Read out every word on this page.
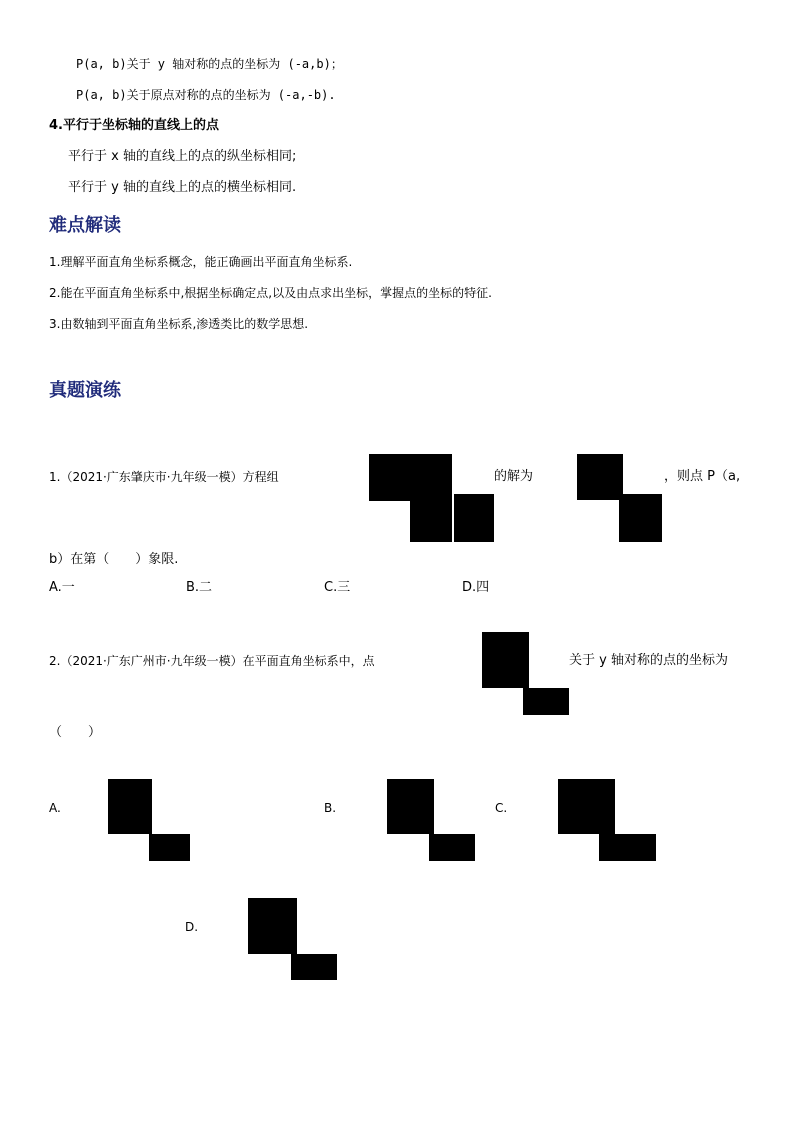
P(a, b)关于 y 轴对称的点的坐标为 (-a,b)；
P(a, b)关于原点对称的点的坐标为 (-a,-b).
4.平行于坐标轴的直线上的点
平行于 x 轴的直线上的点的纵坐标相同;
平行于 y 轴的直线上的点的横坐标相同.
难点解读
1.理解平面直角坐标系概念，能正确画出平面直角坐标系.
2.能在平面直角坐标系中,根据坐标确定点,以及由点求出坐标，掌握点的坐标的特征.
3.由数轴到平面直角坐标系,渗透类比的数学思想.
真题演练
1.（2021·广东肇庆市·九年级一模）方程组	的解为	，则点 P（a,
b）在第（　　）象限.
A.一	B.二	C.三	D.四
2.（2021·广东广州市·九年级一模）在平面直角坐标系中，点	关于 y 轴对称的点的坐标为
（　　）
A.	B.	C.
D.
